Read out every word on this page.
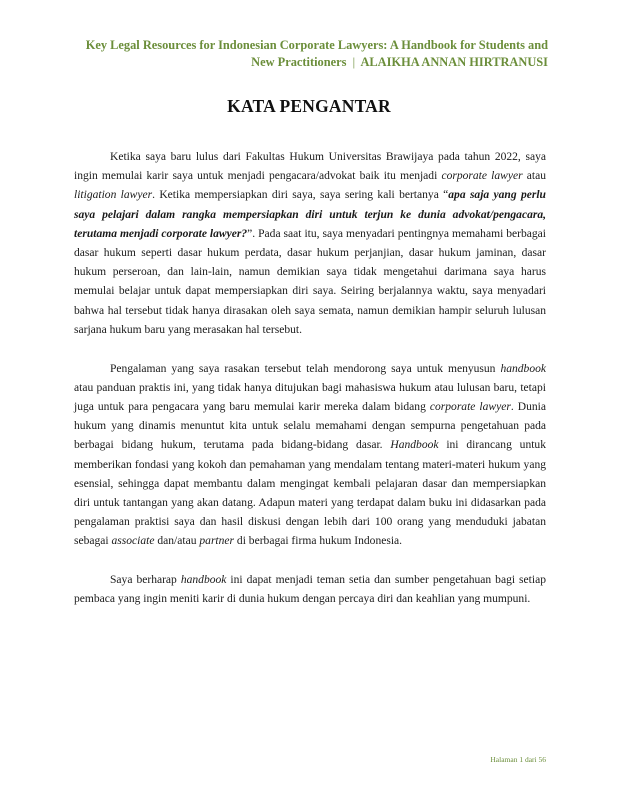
Key Legal Resources for Indonesian Corporate Lawyers: A Handbook for Students and New Practitioners | ALAIKHA ANNAN HIRTRANUSI
KATA PENGANTAR

Ketika saya baru lulus dari Fakultas Hukum Universitas Brawijaya pada tahun 2022, saya ingin memulai karir saya untuk menjadi pengacara/advokat baik itu menjadi corporate lawyer atau litigation lawyer. Ketika mempersiapkan diri saya, saya sering kali bertanya “apa saja yang perlu saya pelajari dalam rangka mempersiapkan diri untuk terjun ke dunia advokat/pengacara, terutama menjadi corporate lawyer?”. Pada saat itu, saya menyadari pentingnya memahami berbagai dasar hukum seperti dasar hukum perdata, dasar hukum perjanjian, dasar hukum jaminan, dasar hukum perseroan, dan lain-lain, namun demikian saya tidak mengetahui darimana saya harus memulai belajar untuk dapat mempersiapkan diri saya. Seiring berjalannya waktu, saya menyadari bahwa hal tersebut tidak hanya dirasakan oleh saya semata, namun demikian hampir seluruh lulusan sarjana hukum baru yang merasakan hal tersebut.

Pengalaman yang saya rasakan tersebut telah mendorong saya untuk menyusun handbook atau panduan praktis ini, yang tidak hanya ditujukan bagi mahasiswa hukum atau lulusan baru, tetapi juga untuk para pengacara yang baru memulai karir mereka dalam bidang corporate lawyer. Dunia hukum yang dinamis menuntut kita untuk selalu memahami dengan sempurna pengetahuan pada berbagai bidang hukum, terutama pada bidang-bidang dasar. Handbook ini dirancang untuk memberikan fondasi yang kokoh dan pemahaman yang mendalam tentang materi-materi hukum yang esensial, sehingga dapat membantu dalam mengingat kembali pelajaran dasar dan mempersiapkan diri untuk tantangan yang akan datang. Adapun materi yang terdapat dalam buku ini didasarkan pada pengalaman praktisi saya dan hasil diskusi dengan lebih dari 100 orang yang menduduki jabatan sebagai associate dan/atau partner di berbagai firma hukum Indonesia.

Saya berharap handbook ini dapat menjadi teman setia dan sumber pengetahuan bagi setiap pembaca yang ingin meniti karir di dunia hukum dengan percaya diri dan keahlian yang mumpuni.

Halaman 1 dari 56
